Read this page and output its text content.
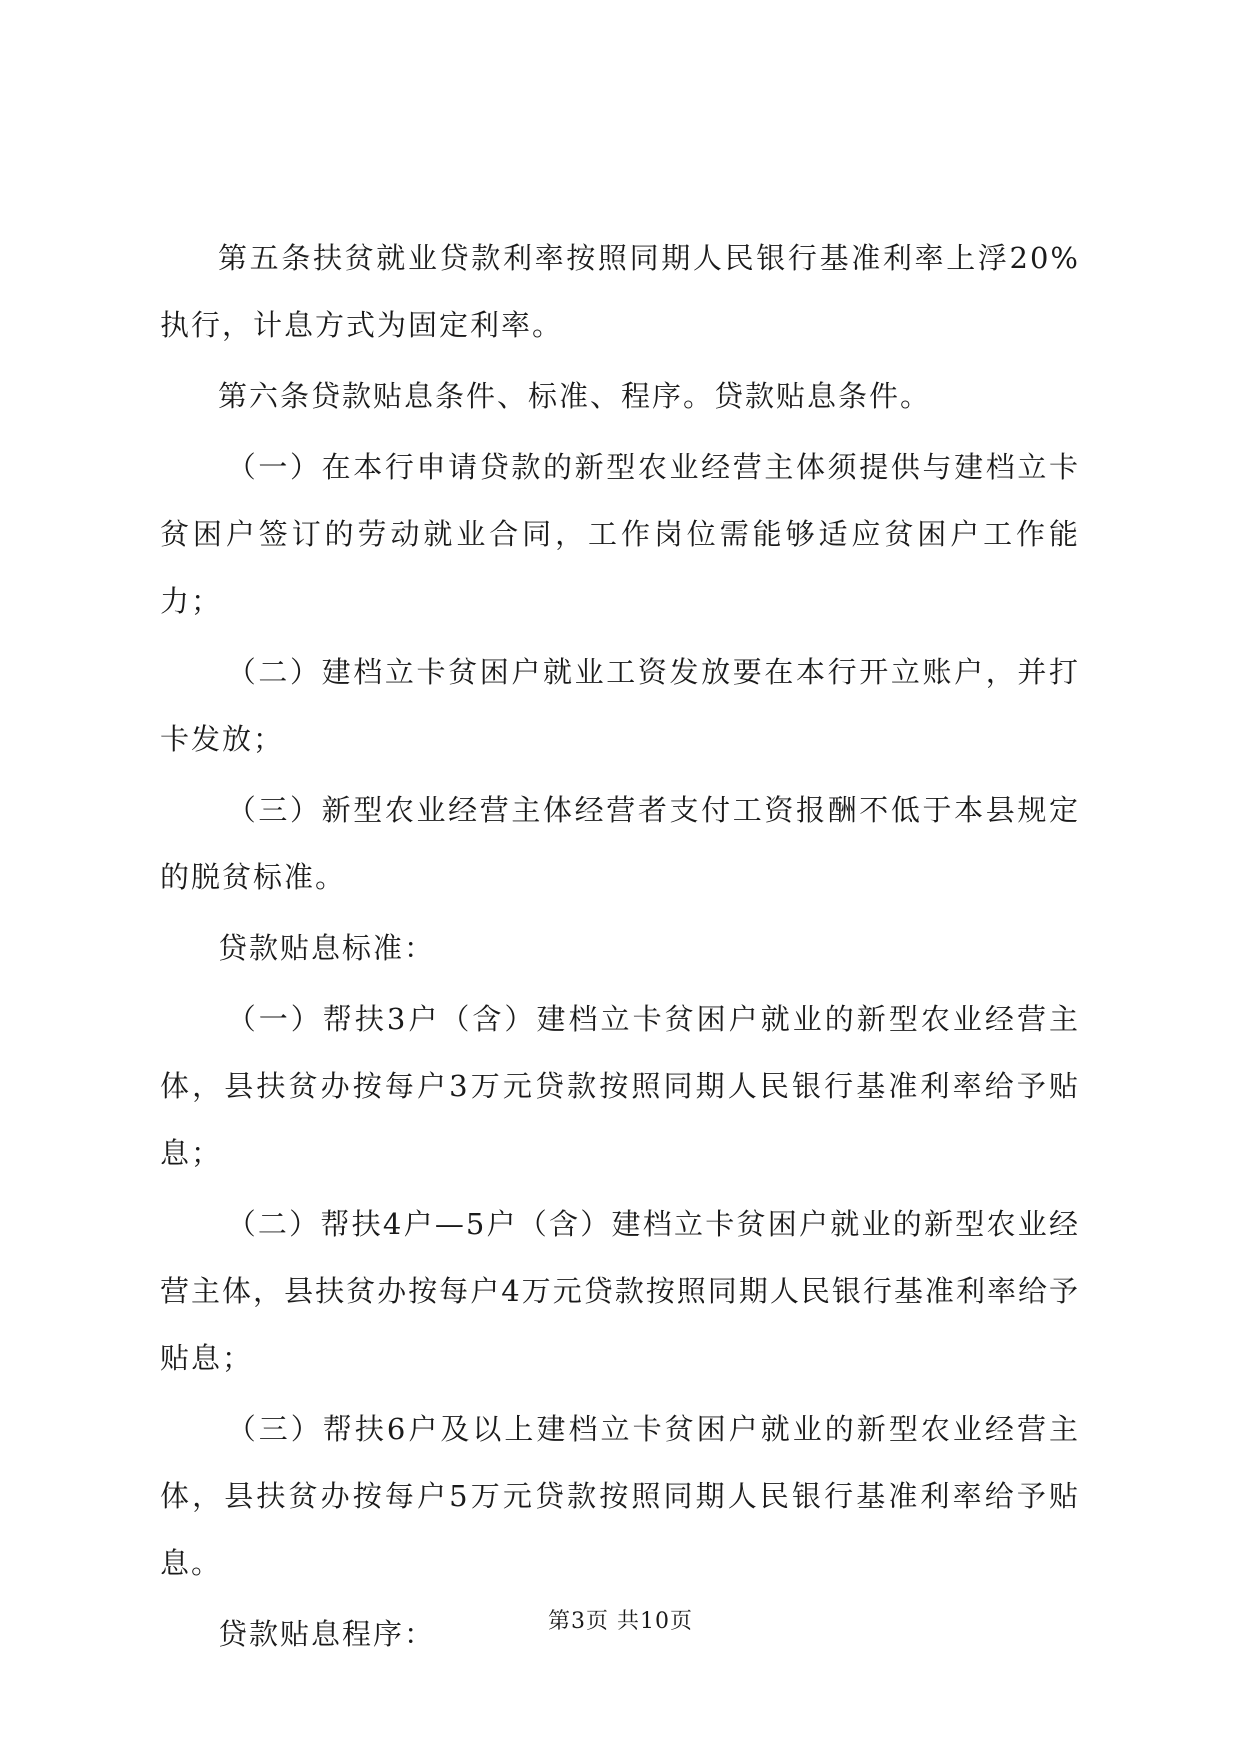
第五条扶贫就业贷款利率按照同期人民银行基准利率上浮20%执行，计息方式为固定利率。

第六条贷款贴息条件、标准、程序。贷款贴息条件。

（一）在本行申请贷款的新型农业经营主体须提供与建档立卡贫困户签订的劳动就业合同，工作岗位需能够适应贫困户工作能力；

（二）建档立卡贫困户就业工资发放要在本行开立账户，并打卡发放；

（三）新型农业经营主体经营者支付工资报酬不低于本县规定的脱贫标准。

贷款贴息标准：

（一）帮扶3户（含）建档立卡贫困户就业的新型农业经营主体，县扶贫办按每户3万元贷款按照同期人民银行基准利率给予贴息；

（二）帮扶4户—5户（含）建档立卡贫困户就业的新型农业经营主体，县扶贫办按每户4万元贷款按照同期人民银行基准利率给予贴息；

（三）帮扶6户及以上建档立卡贫困户就业的新型农业经营主体，县扶贫办按每户5万元贷款按照同期人民银行基准利率给予贴息。

贷款贴息程序：	第3页 共10页
